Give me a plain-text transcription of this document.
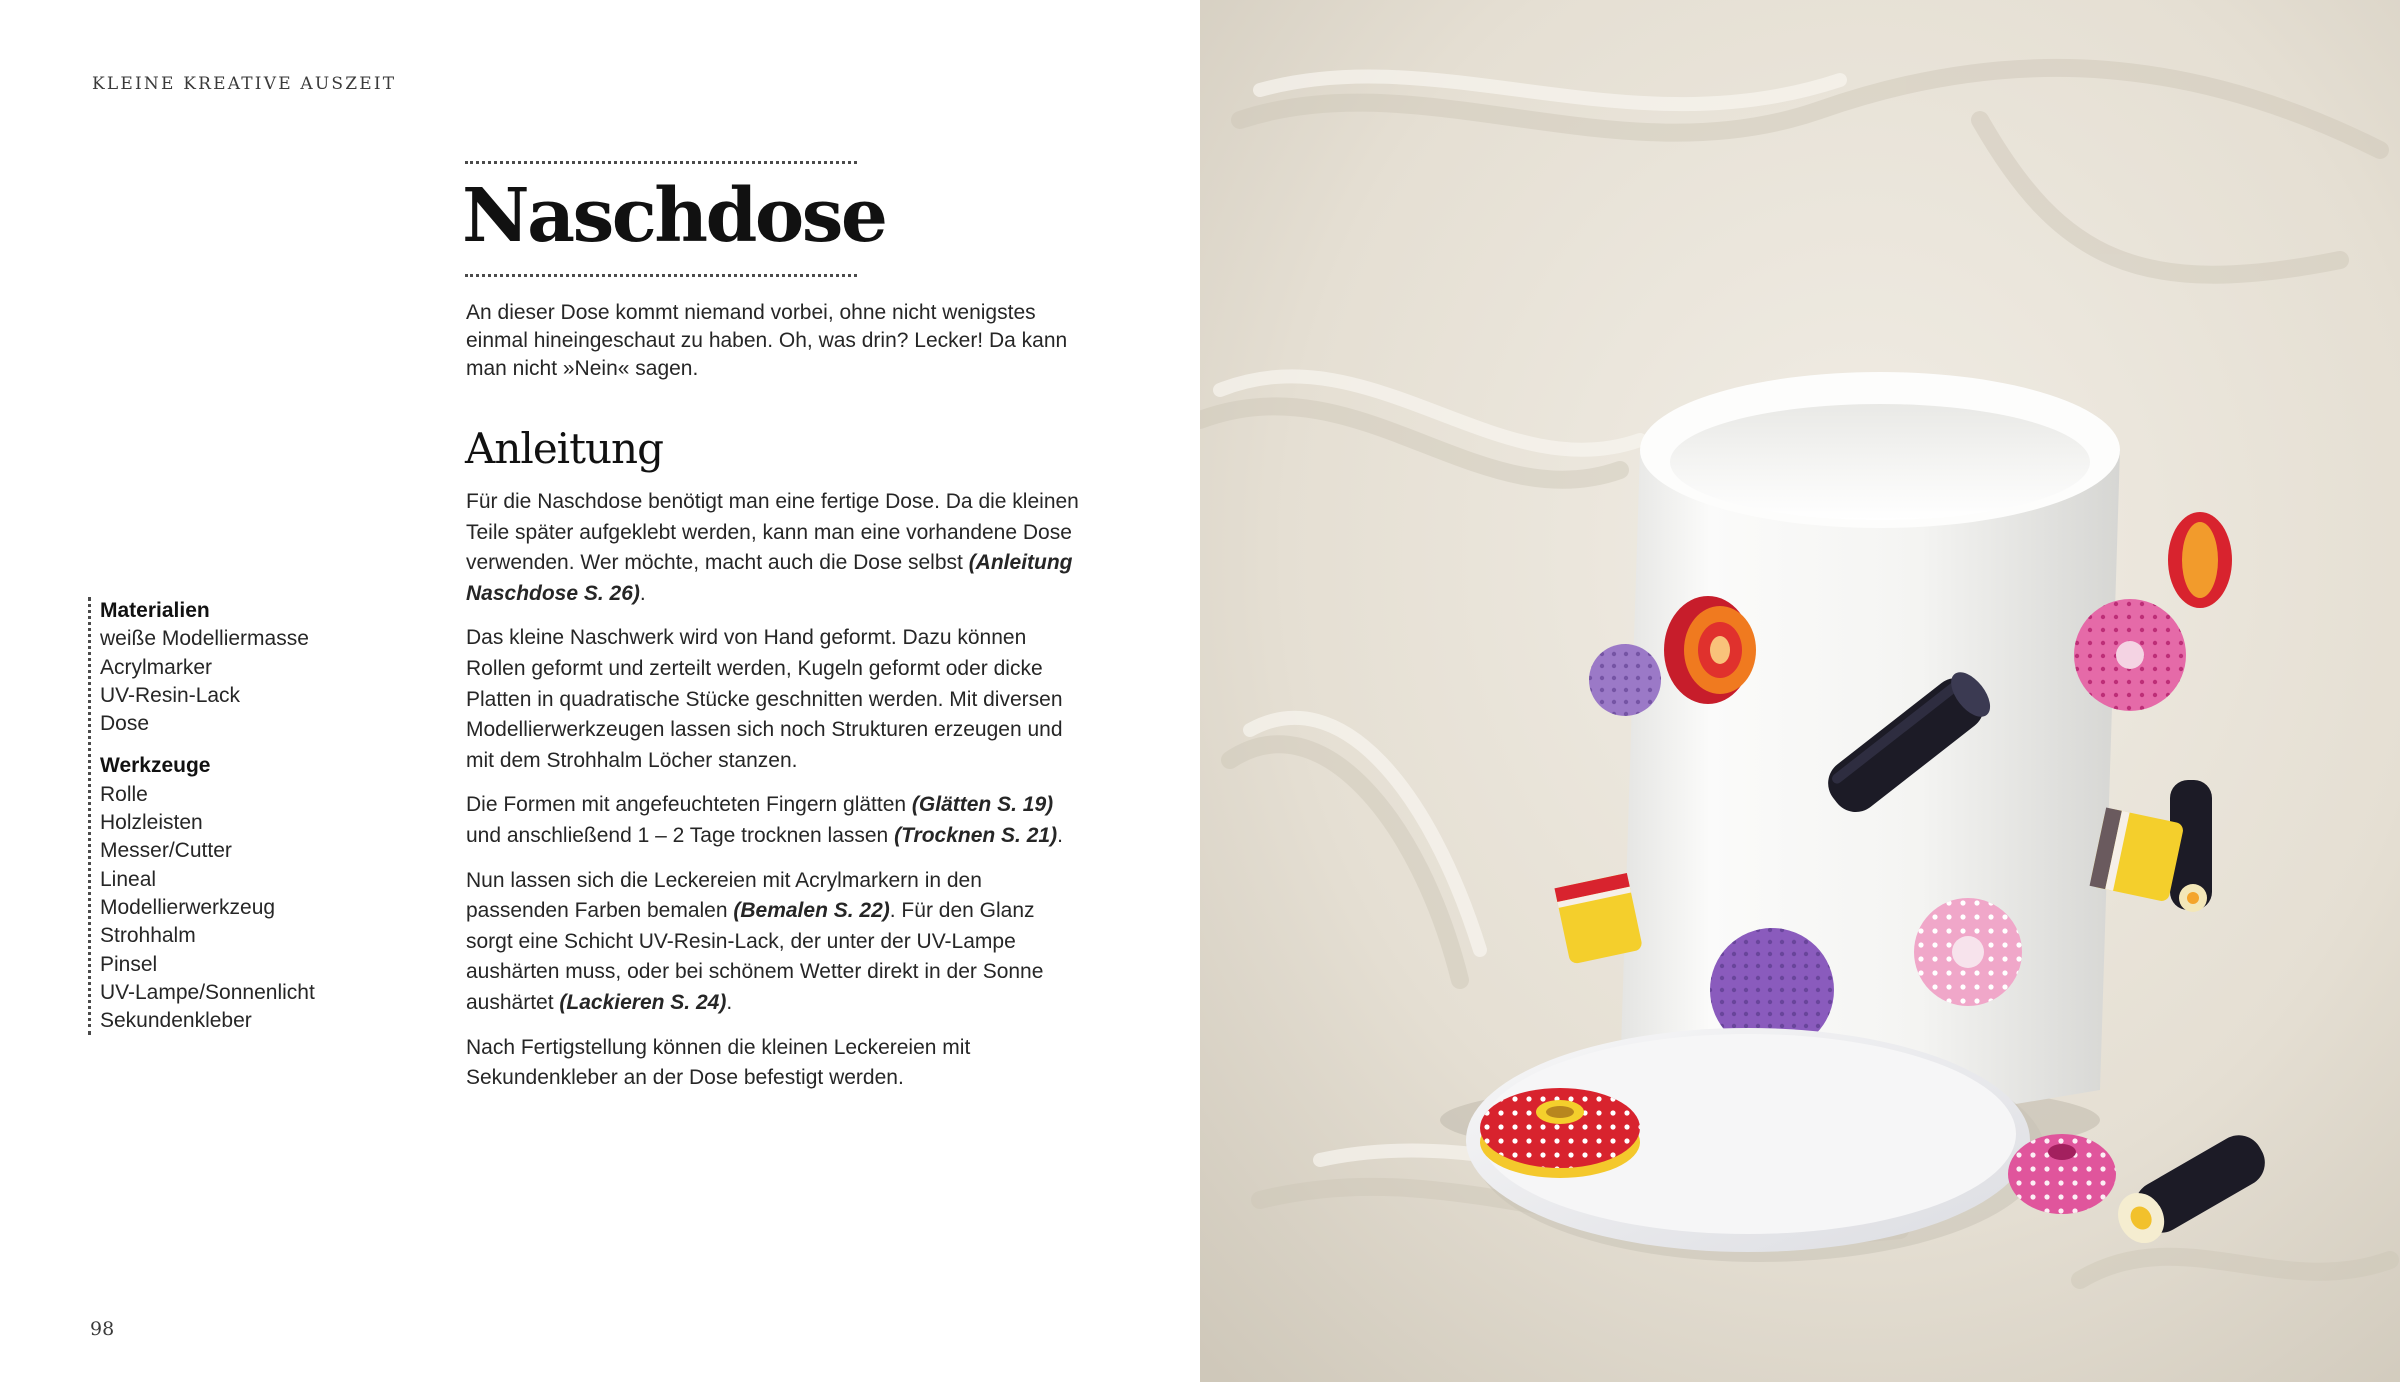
KLEINE KREATIVE AUSZEIT
Naschdose

An dieser Dose kommt niemand vorbei, ohne nicht wenigstes einmal hineingeschaut zu haben. Oh, was drin? Lecker! Da kann man nicht »Nein« sagen.

Anleitung

Für die Naschdose benötigt man eine fertige Dose. Da die kleinen Teile später aufgeklebt werden, kann man eine vorhandene Dose verwenden. Wer möchte, macht auch die Dose selbst (Anleitung Naschdose S. 26).

Das kleine Naschwerk wird von Hand geformt. Dazu können Rollen geformt und zerteilt werden, Kugeln geformt oder dicke Platten in quadratische Stücke geschnitten werden. Mit diversen Modellierwerkzeugen lassen sich noch Strukturen erzeugen und mit dem Strohhalm Löcher stanzen.

Die Formen mit angefeuchteten Fingern glätten (Glätten S. 19) und anschließend 1 – 2 Tage trocknen lassen (Trocknen S. 21).

Nun lassen sich die Leckereien mit Acrylmarkern in den passenden Farben bemalen (Bemalen S. 22). Für den Glanz sorgt eine Schicht UV-Resin-Lack, der unter der UV-Lampe aushärten muss, oder bei schönem Wetter direkt in der Sonne aushärtet (Lackieren S. 24).

Nach Fertigstellung können die kleinen Leckereien mit Sekundenkleber an der Dose befestigt werden.

Materialien
weiße Modelliermasse
Acrylmarker
UV-Resin-Lack
Dose
Werkzeuge
Rolle
Holzleisten
Messer/Cutter
Lineal
Modellierwerkzeug
Strohhalm
Pinsel
UV-Lampe/Sonnenlicht
Sekundenkleber
98
